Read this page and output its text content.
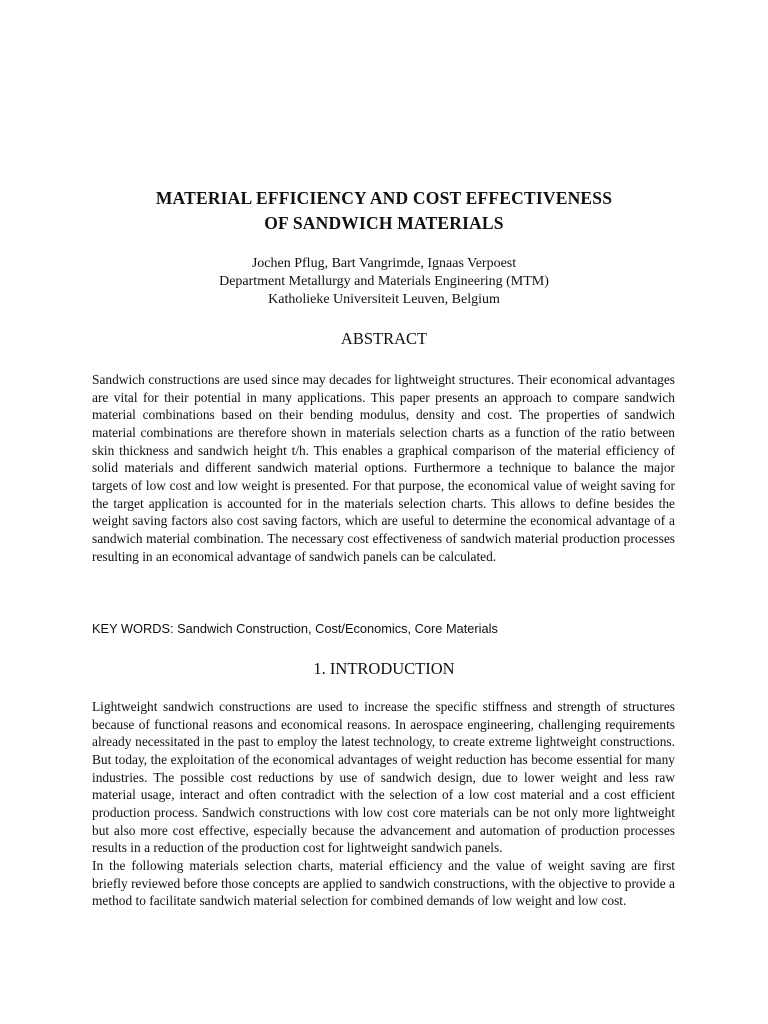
MATERIAL EFFICIENCY AND COST EFFECTIVENESS
OF SANDWICH MATERIALS
Jochen Pflug, Bart Vangrimde, Ignaas Verpoest
Department Metallurgy and Materials Engineering (MTM)
Katholieke Universiteit Leuven, Belgium
ABSTRACT

Sandwich constructions are used since may decades for lightweight structures. Their economical advantages are vital for their potential in many applications. This paper presents an approach to compare sandwich material combinations based on their bending modulus, density and cost. The properties of sandwich material combinations are therefore shown in materials selection charts as a function of the ratio between skin thickness and sandwich height t/h. This enables a graphical comparison of the material efficiency of solid materials and different sandwich material options. Furthermore a technique to balance the major targets of low cost and low weight is presented. For that purpose, the economical value of weight saving for the target application is accounted for in the materials selection charts. This allows to define besides the weight saving factors also cost saving factors, which are useful to determine the economical advantage of a sandwich material combination. The necessary cost effectiveness of sandwich material production processes resulting in an economical advantage of sandwich panels can be calculated.

KEY WORDS: Sandwich Construction, Cost/Economics, Core Materials

1. INTRODUCTION
Lightweight sandwich constructions are used to increase the specific stiffness and strength of structures because of functional reasons and economical reasons. In aerospace engineering, challenging requirements already necessitated in the past to employ the latest technology, to create extreme lightweight constructions. But today, the exploitation of the economical advantages of weight reduction has become essential for many industries. The possible cost reductions by use of sandwich design, due to lower weight and less raw material usage, interact and often contradict with the selection of a low cost material and a cost efficient production process. Sandwich constructions with low cost core materials can be not only more lightweight but also more cost effective, especially because the advancement and automation of production processes results in a reduction of the production cost for lightweight sandwich panels.
In the following materials selection charts, material efficiency and the value of weight saving are first briefly reviewed before those concepts are applied to sandwich constructions, with the objective to provide a method to facilitate sandwich material selection for combined demands of low weight and low cost.
